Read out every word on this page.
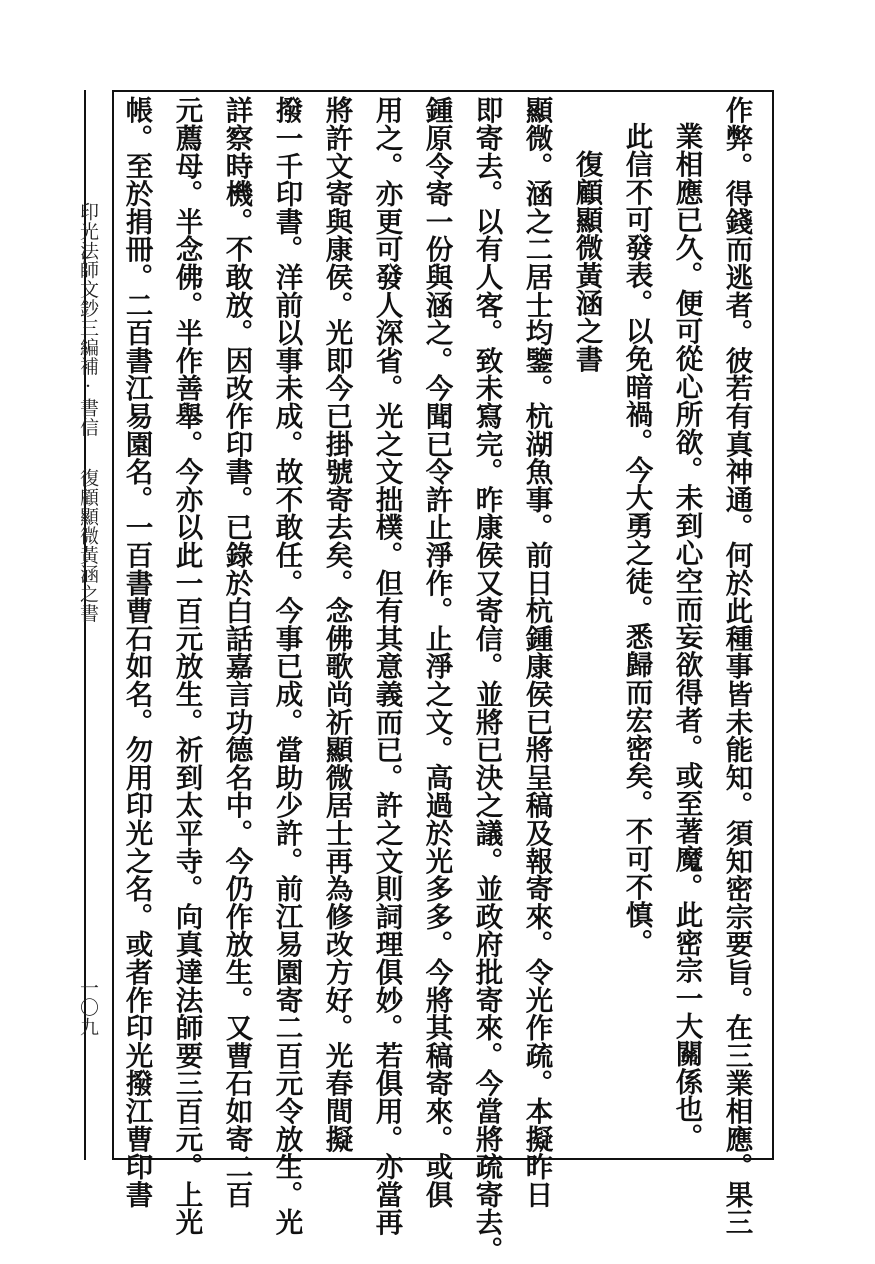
印光法師文鈔三編補·書信
復顧顯微黃涵之書
一〇九	業相應已久。便可從心所欲。未到心空而妄欲得者。或至著魔。此密宗一大關係也。
此信不可發表。以免暗禍。今大勇之徒。悉歸而宏密矣。不可不慎。 作弊。得錢而逃者。彼若有真神通。何於此種事皆未能知。須知密宗要旨。在三業相應。果三
復顧顯微黃涵之書
顯微。涵之二居士均鑒。杭湖魚事。前日杭鍾康侯已將呈稿及報寄來。令光作疏。本擬昨日
即寄去。以有人客。致未寫完。昨康侯又寄信。並將已決之議。並政府批寄來。今當將疏寄去。
鍾原令寄一份與涵之。今聞已令許止淨作。止淨之文。高過於光多多。今將其稿寄來。或俱
用之。亦更可發人深省。光之文拙樸。但有其意義而已。許之文則詞理俱妙。若俱用。亦當再
將許文寄與康侯。光即今已掛號寄去矣。念佛歌尚祈顯微居士再為修改方好。光春間擬
撥一千印書。洋前以事未成。故不敢任。今事已成。當助少許。前江易園寄二百元令放生。光
詳察時機。不敢放。因改作印書。已錄於白話嘉言功德名中。今仍作放生。又曹石如寄二百
元薦母。半念佛。半作善舉。今亦以此一百元放生。祈到太平寺。向真達法師要三百元。上光
帳。至於捐冊。二百書江易園名。一百書曹石如名。勿用印光之名。或者作印光撥江曹印書
